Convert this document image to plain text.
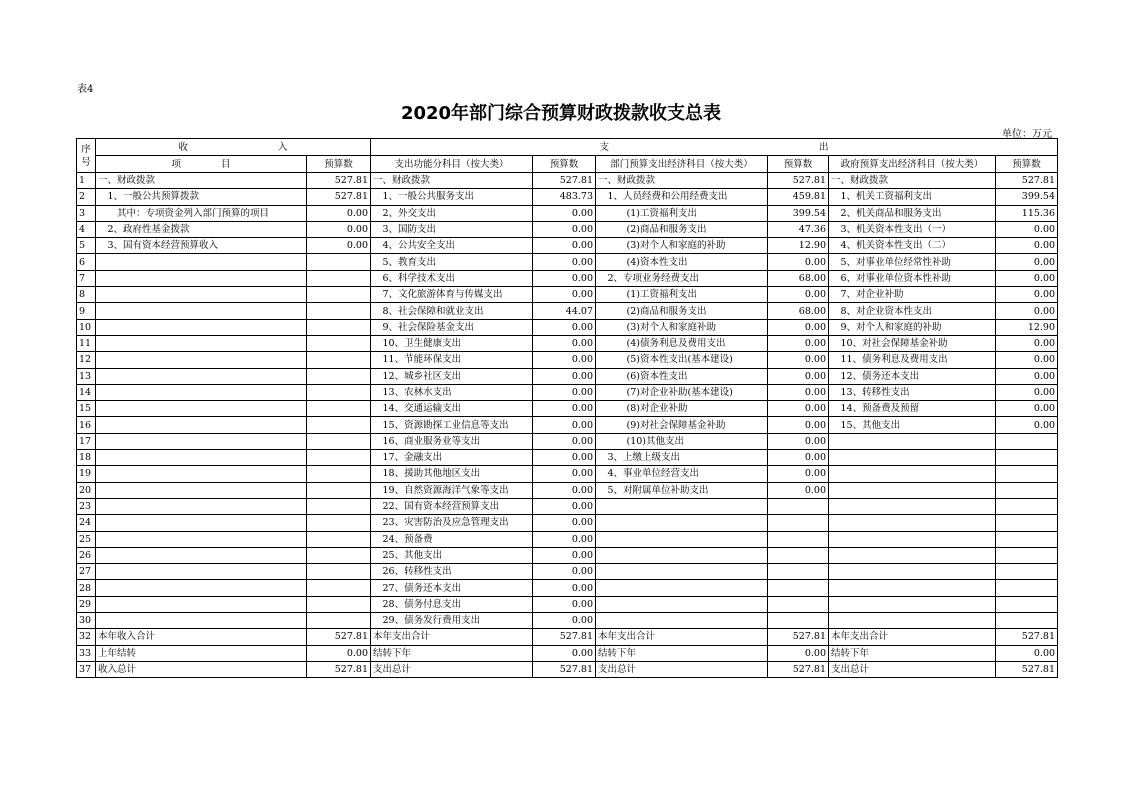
表4
2020年部门综合预算财政拨款收支总表
单位：万元
序号	收 入		支 出					
	项 目	预算数	支出功能分科目（按大类）	预算数	部门预算支出经济科目（按大类）	预算数	政府预算支出经济科目（按大类）	预算数
1	一、财政拨款	527.81	一、财政拨款	527.81	一、财政拨款	527.81	一、财政拨款	527.81
2	　1、一般公共预算拨款	527.81	　1、一般公共服务支出	483.73	　1、人员经费和公用经费支出	459.81	　1、机关工资福利支出	399.54
3	　　其中：专项资金列入部门预算的项目	0.00	　2、外交支出	0.00	　　　(1)工资福利支出	399.54	　2、机关商品和服务支出	115.36
4	　2、政府性基金拨款	0.00	　3、国防支出	0.00	　　　(2)商品和服务支出	47.36	　3、机关资本性支出（一）	0.00
5	　3、国有资本经营预算收入	0.00	　4、公共安全支出	0.00	　　　(3)对个人和家庭的补助	12.90	　4、机关资本性支出（二）	0.00
6			　5、教育支出	0.00	　　　(4)资本性支出	0.00	　5、对事业单位经常性补助	0.00
7			　6、科学技术支出	0.00	　2、专项业务经费支出	68.00	　6、对事业单位资本性补助	0.00
8			　7、文化旅游体育与传媒支出	0.00	　　　(1)工资福利支出	0.00	　7、对企业补助	0.00
9			　8、社会保障和就业支出	44.07	　　　(2)商品和服务支出	68.00	　8、对企业资本性支出	0.00
10			　9、社会保险基金支出	0.00	　　　(3)对个人和家庭补助	0.00	　9、对个人和家庭的补助	12.90
11			　10、卫生健康支出	0.00	　　　(4)债务利息及费用支出	0.00	　10、对社会保障基金补助	0.00
12			　11、节能环保支出	0.00	　　　(5)资本性支出(基本建设)	0.00	　11、债务利息及费用支出	0.00
13			　12、城乡社区支出	0.00	　　　(6)资本性支出	0.00	　12、债务还本支出	0.00
14			　13、农林水支出	0.00	　　　(7)对企业补助(基本建设)	0.00	　13、转移性支出	0.00
15			　14、交通运输支出	0.00	　　　(8)对企业补助	0.00	　14、预备费及预留	0.00
16			　15、资源勘探工业信息等支出	0.00	　　　(9)对社会保障基金补助	0.00	　15、其他支出	0.00
17			　16、商业服务业等支出	0.00	　　　(10)其他支出	0.00		
18			　17、金融支出	0.00	　3、上缴上级支出	0.00		
19			　18、援助其他地区支出	0.00	　4、事业单位经营支出	0.00		
20			　19、自然资源海洋气象等支出	0.00	　5、对附属单位补助支出	0.00		
23			　22、国有资本经营预算支出	0.00				
24			　23、灾害防治及应急管理支出	0.00				
25			　24、预备费	0.00				
26			　25、其他支出	0.00				
27			　26、转移性支出	0.00				
28			　27、债务还本支出	0.00				
29			　28、债务付息支出	0.00				
30			　29、债务发行费用支出	0.00				
32	本年收入合计	527.81	本年支出合计	527.81	本年支出合计	527.81	本年支出合计	527.81
33	上年结转	0.00	结转下年	0.00	结转下年	0.00	结转下年	0.00
37	收入总计	527.81	支出总计	527.81	支出总计	527.81	支出总计	527.81
